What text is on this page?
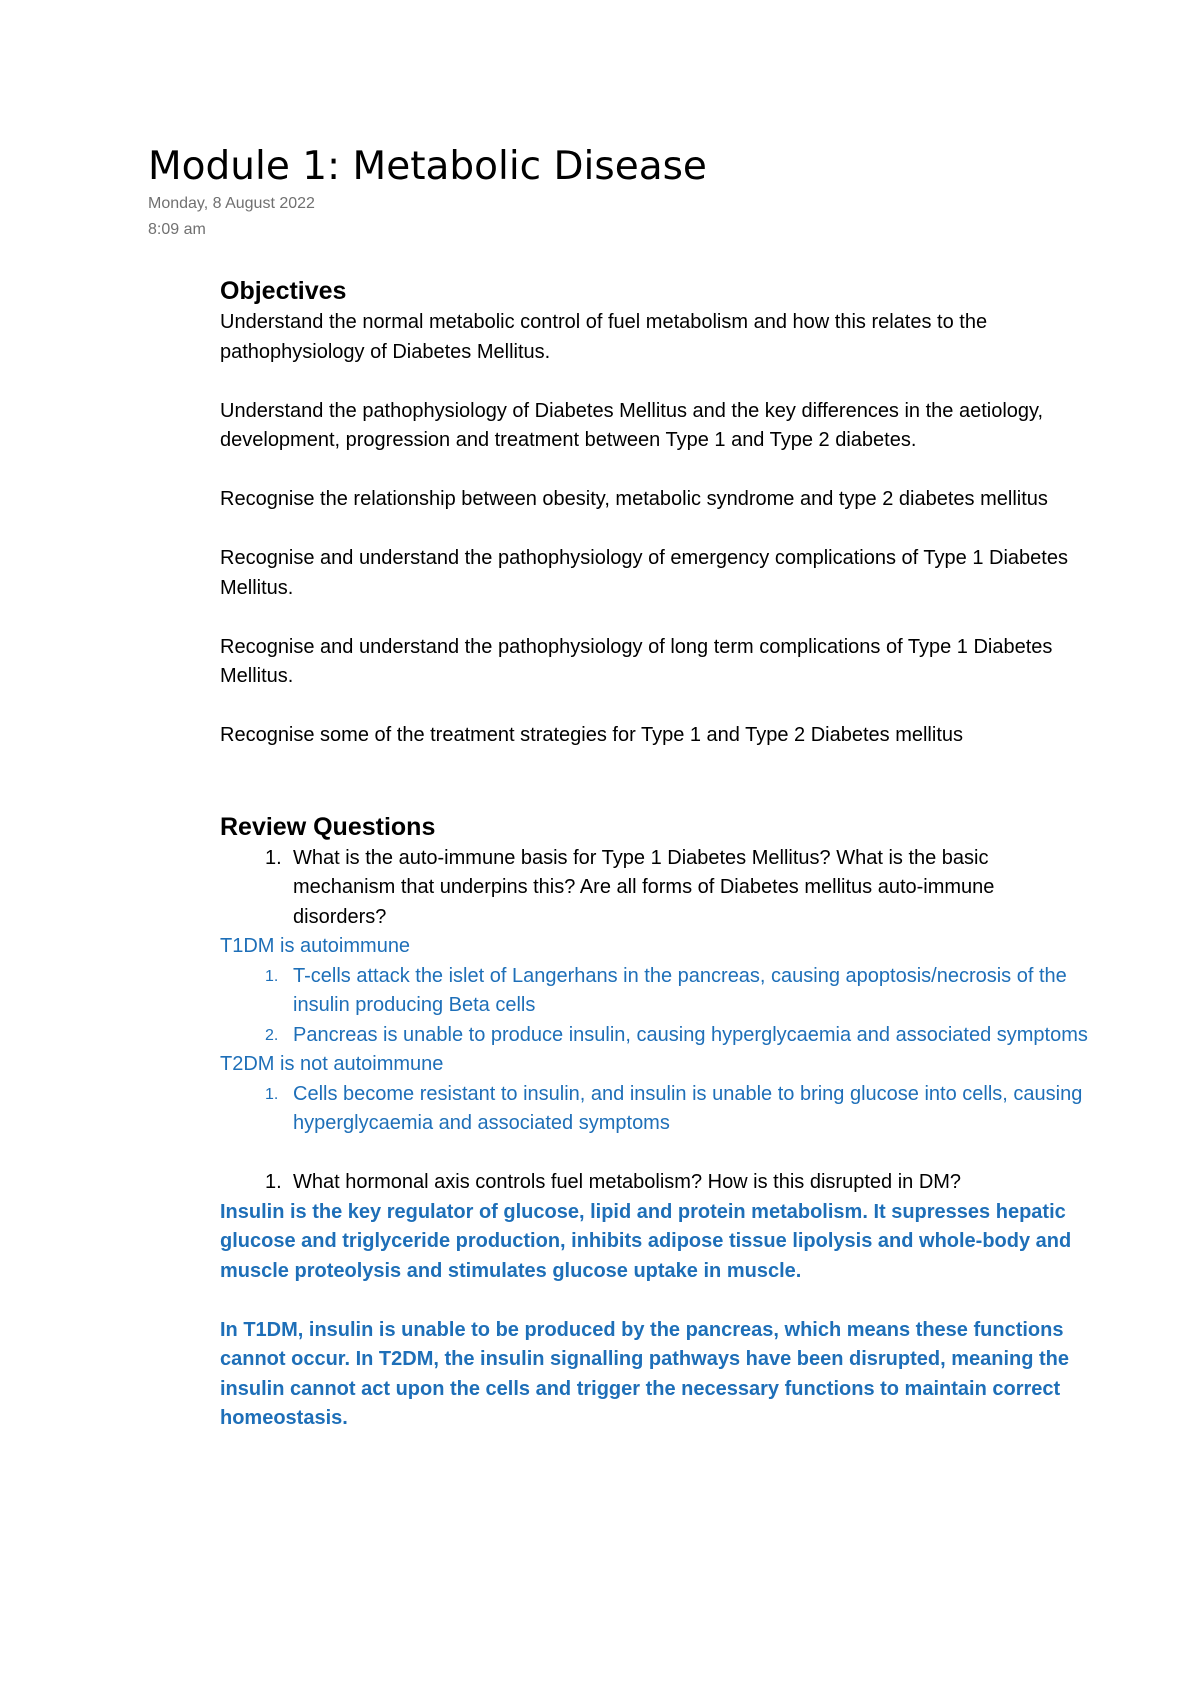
Module 1: Metabolic Disease
Monday, 8 August 2022
8:09 am
Objectives

Understand the normal metabolic control of fuel metabolism and how this relates to the pathophysiology of Diabetes Mellitus.

Understand the pathophysiology of Diabetes Mellitus and the key differences in the aetiology, development, progression and treatment between Type 1 and Type 2 diabetes.

Recognise the relationship between obesity, metabolic syndrome and type 2 diabetes mellitus

Recognise and understand the pathophysiology of emergency complications of Type 1 Diabetes Mellitus.

Recognise and understand the pathophysiology of long term complications of Type 1 Diabetes Mellitus.

Recognise some of the treatment strategies for Type 1 and Type 2 Diabetes mellitus

Review Questions
1. What is the auto-immune basis for Type 1 Diabetes Mellitus? What is the basic mechanism that underpins this? Are all forms of Diabetes mellitus auto-immune disorders?

T1DM is autoimmune

1. T-cells attack the islet of Langerhans in the pancreas, causing apoptosis/necrosis of the insulin producing Beta cells
2. Pancreas is unable to produce insulin, causing hyperglycaemia and associated symptoms

T2DM is not autoimmune

1. Cells become resistant to insulin, and insulin is unable to bring glucose into cells, causing hyperglycaemia and associated symptoms
1. What hormonal axis controls fuel metabolism? How is this disrupted in DM?

Insulin is the key regulator of glucose, lipid and protein metabolism. It supresses hepatic glucose and triglyceride production, inhibits adipose tissue lipolysis and whole-body and muscle proteolysis and stimulates glucose uptake in muscle.

In T1DM, insulin is unable to be produced by the pancreas, which means these functions cannot occur. In T2DM, the insulin signalling pathways have been disrupted, meaning the insulin cannot act upon the cells and trigger the necessary functions to maintain correct homeostasis.
